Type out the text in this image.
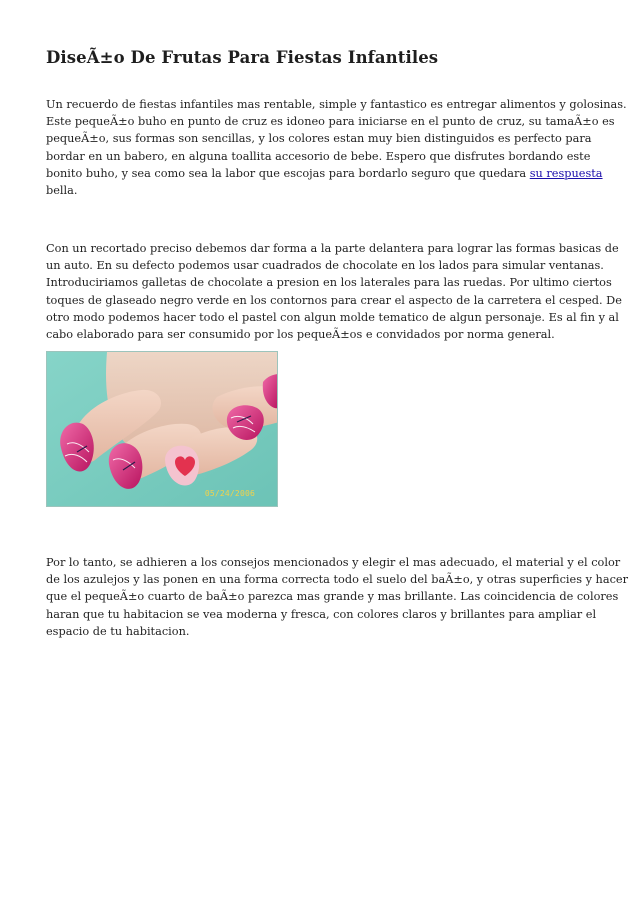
DiseÃ±o De Frutas Para Fiestas Infantiles

Un recuerdo de fiestas infantiles mas rentable, simple y fantastico es entregar alimentos y golosinas.
Este pequeÃ±o buho en punto de cruz es idoneo para iniciarse en el punto de cruz, su tamaÃ±o es
pequeÃ±o, sus formas son sencillas, y los colores estan muy bien distinguidos es perfecto para
bordar en un babero, en alguna toallita accesorio de bebe. Espero que disfrutes bordando este
bonito buho, y sea como sea la labor que escojas para bordarlo seguro que quedara su respuesta
bella.

Con un recortado preciso debemos dar forma a la parte delantera para lograr las formas basicas de
un auto. En su defecto podemos usar cuadrados de chocolate en los lados para simular ventanas.
Introduciriamos galletas de chocolate a presion en los laterales para las ruedas. Por ultimo ciertos
toques de glaseado negro verde en los contornos para crear el aspecto de la carretera el cesped. De
otro modo podemos hacer todo el pastel con algun molde tematico de algun personaje. Es al fin y al
cabo elaborado para ser consumido por los pequeÃ±os e convidados por norma general.

05/24/2006

Por lo tanto, se adhieren a los consejos mencionados y elegir el mas adecuado, el material y el color
de los azulejos y las ponen en una forma correcta todo el suelo del baÃ±o, y otras superficies y hacer
que el pequeÃ±o cuarto de baÃ±o parezca mas grande y mas brillante. Las coincidencia de colores
haran que tu habitacion se vea moderna y fresca, con colores claros y brillantes para ampliar el
espacio de tu habitacion.
